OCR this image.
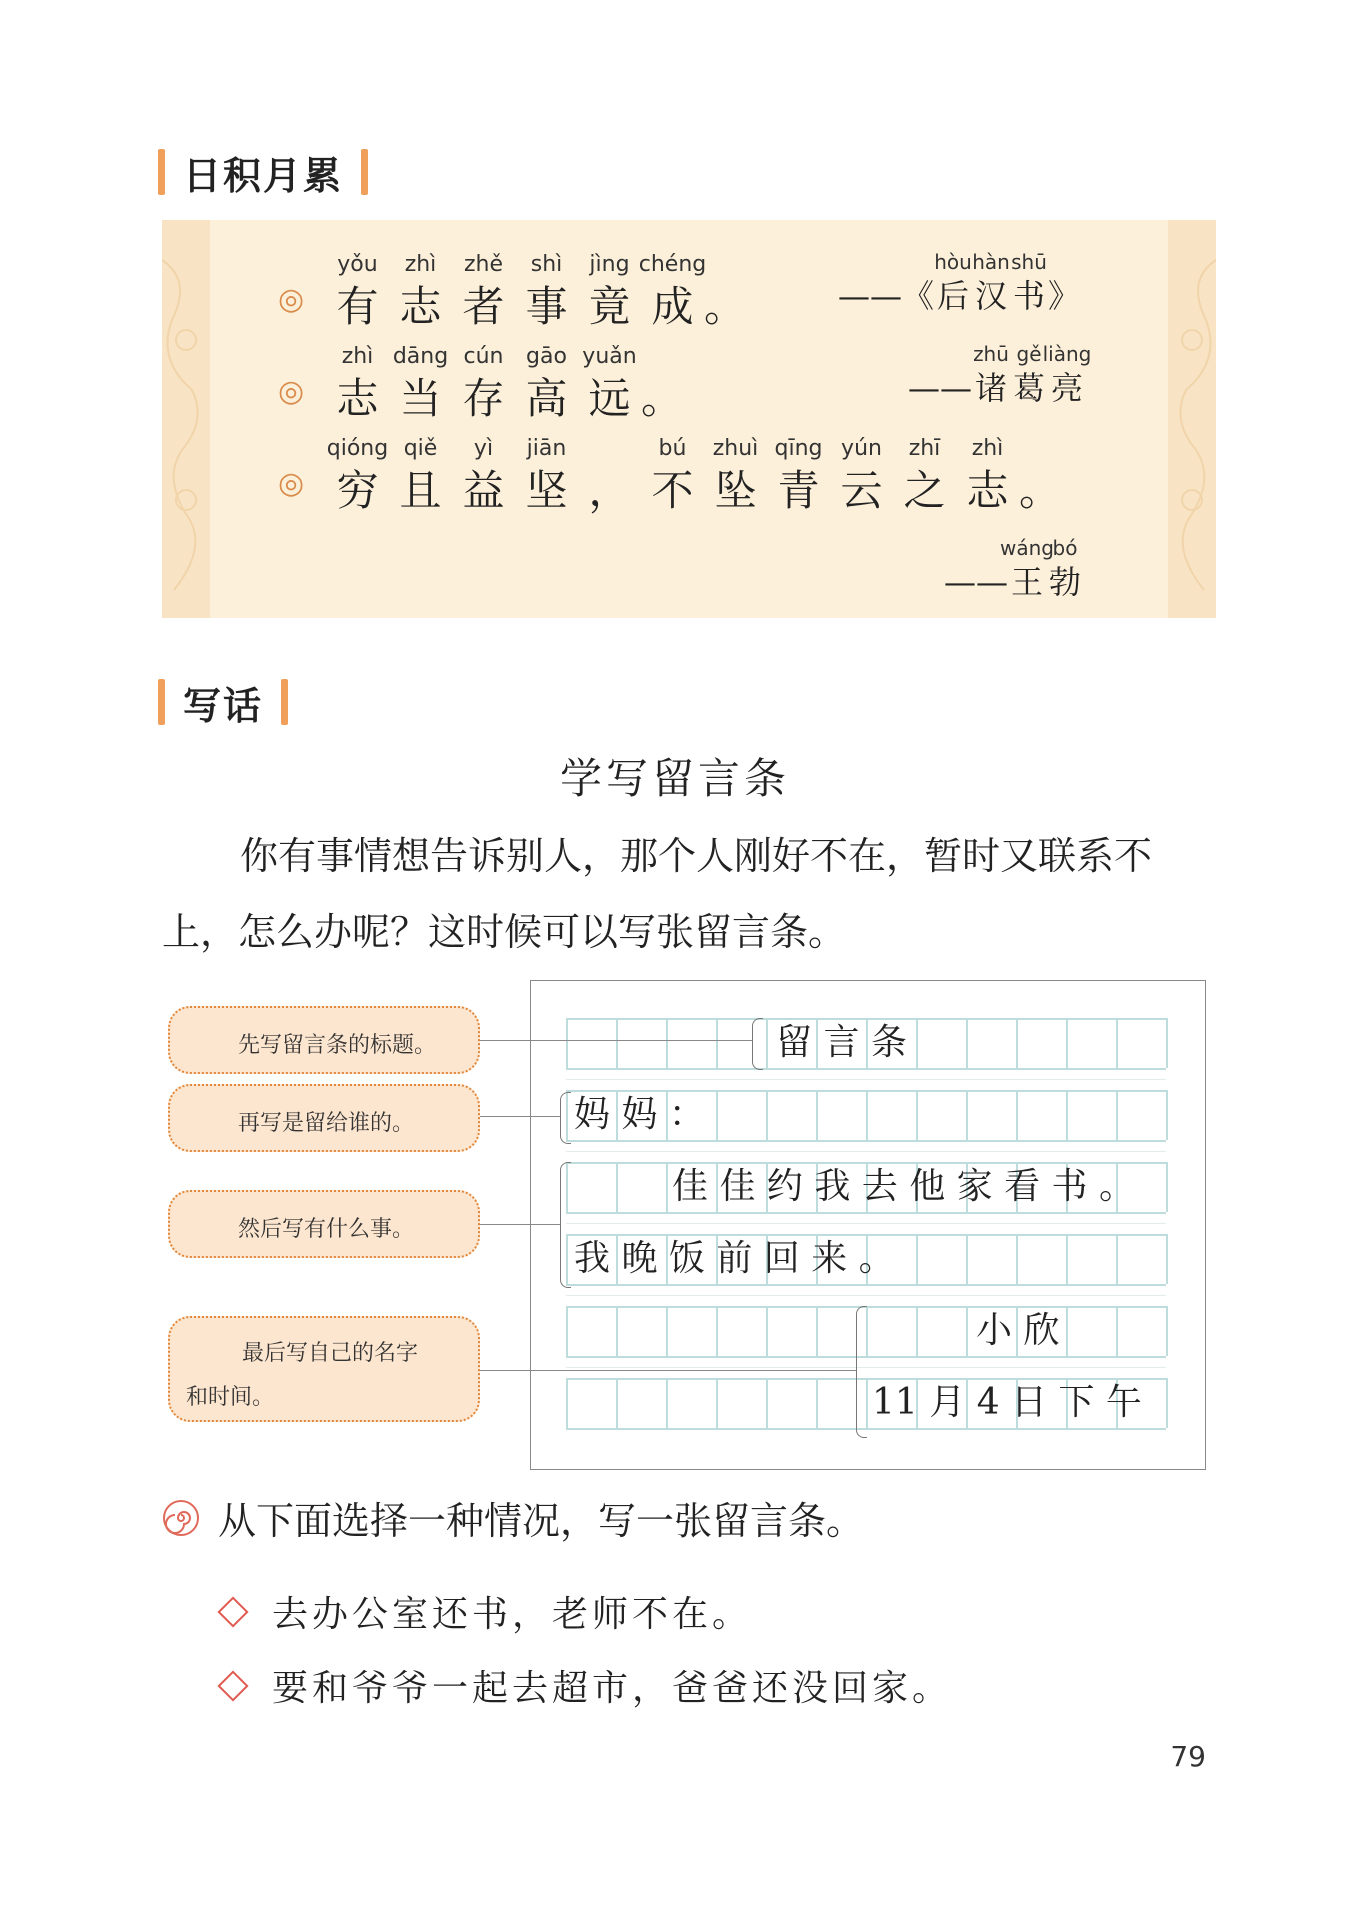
日积月累
◎
yǒu
有
zhì
志
zhě
者
shì
事
jìng
竟
chéng
成 。	——《
hòu
后
hàn
汉
shū
书 》
◎
zhì
志
dāng
当
cún
存
gāo
高
yuǎn
远 。	——
zhū
诸
gě
葛
liàng
亮
◎
qióng
穷
qiě
且
yì
益
jiān
坚 ，
bú
不
zhuì
坠
qīng
青
yún
云
zhī
之
zhì
志 。
——
wáng
王
bó
勃
写话
学写留言条
你有事情想告诉别人，那个人刚好不在，暂时又联系不
上，怎么办呢？这时候可以写张留言条。
先写留言条的标题。
再写是留给谁的。
然后写有什么事。
最后写自己的名字
和时间。
留 言 条
妈 妈 ：
佳 佳 约 我 去 他 家 看 书 。
我 晚 饭 前 回 来 。
小 欣
11 月 4 日 下 午
从下面选择一种情况，写一张留言条。
去办公室还书，老师不在。
要和爷爷一起去超市，爸爸还没回家。
79
